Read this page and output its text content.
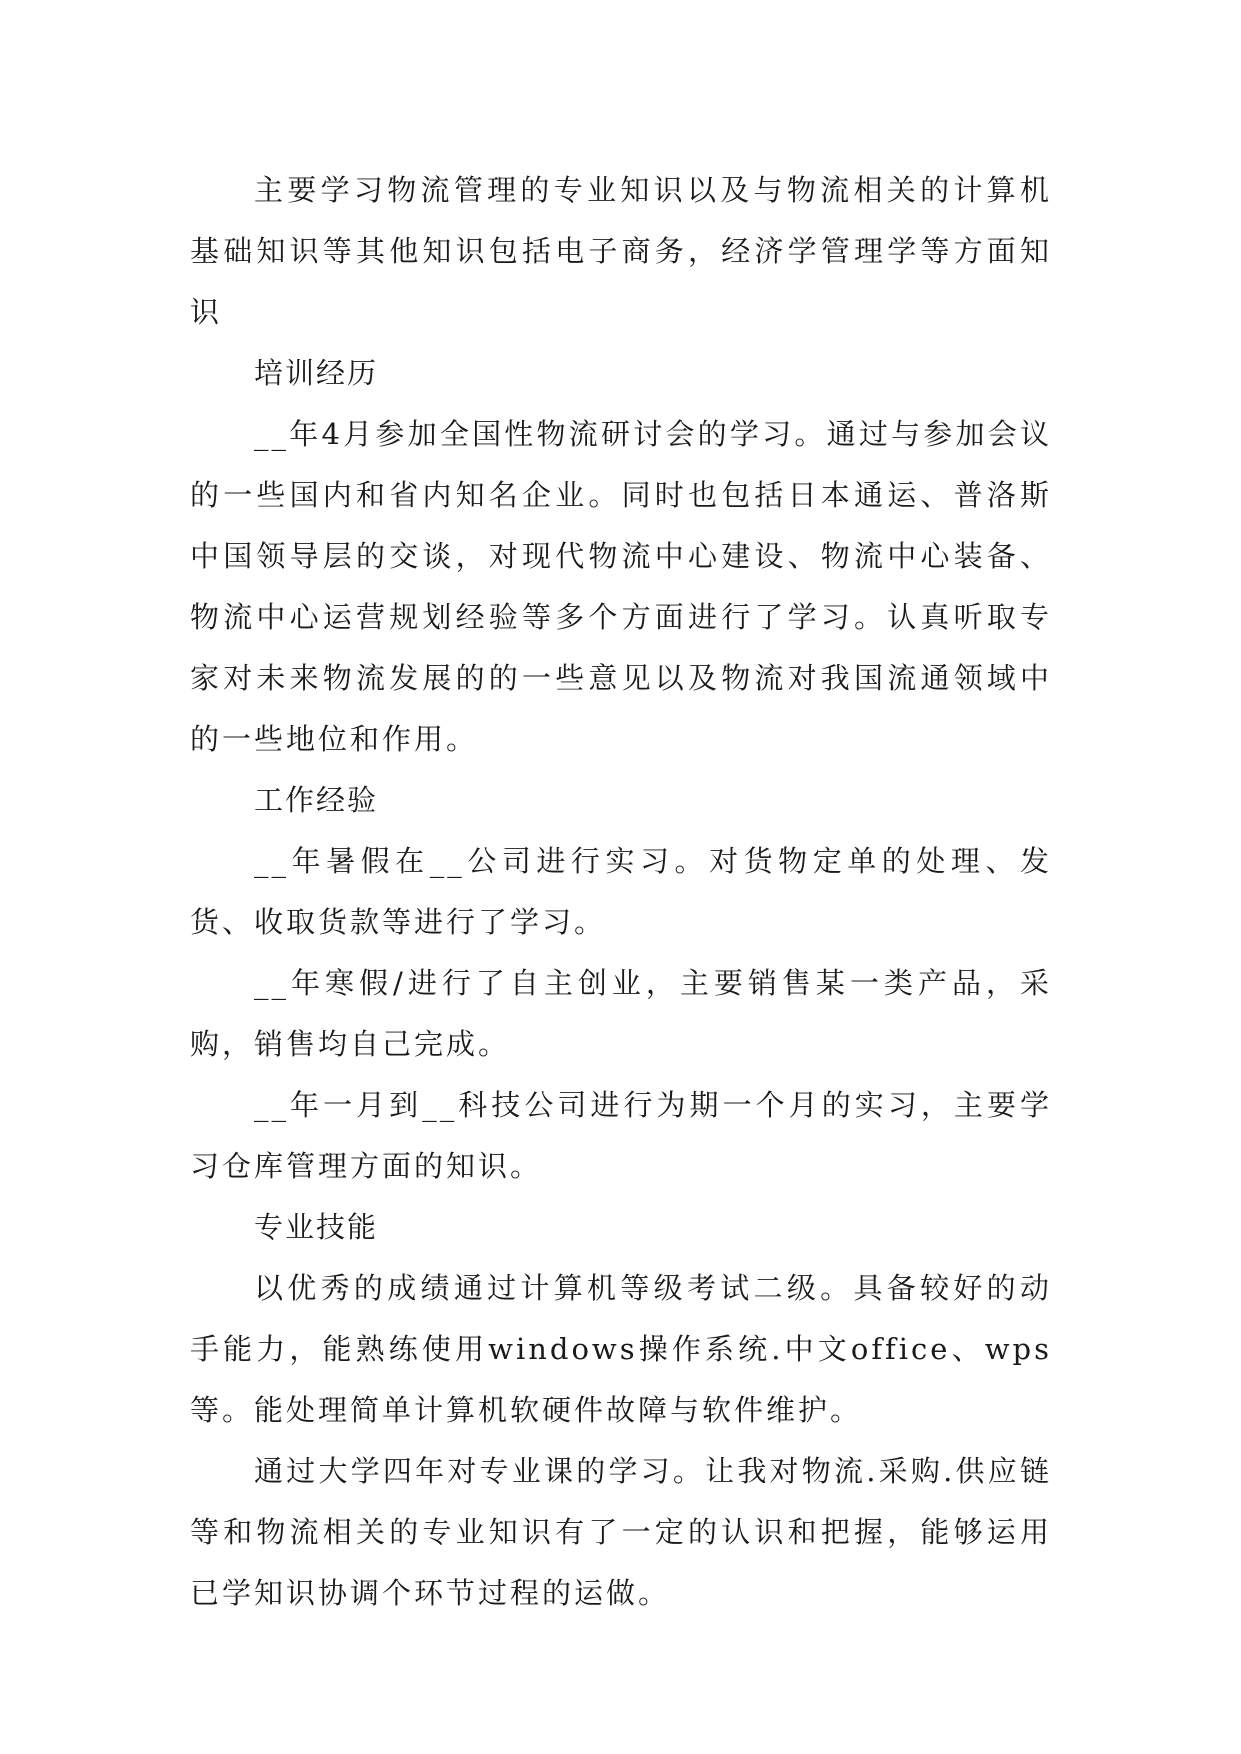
主要学习物流管理的专业知识以及与物流相关的计算机基础知识等其他知识包括电子商务，经济学管理学等方面知识

培训经历

__年4月参加全国性物流研讨会的学习。通过与参加会议的一些国内和省内知名企业。同时也包括日本通运、普洛斯中国领导层的交谈，对现代物流中心建设、物流中心装备、物流中心运营规划经验等多个方面进行了学习。认真听取专家对未来物流发展的的一些意见以及物流对我国流通领域中的一些地位和作用。

工作经验

__年暑假在__公司进行实习。对货物定单的处理、发货、收取货款等进行了学习。

__年寒假/进行了自主创业，主要销售某一类产品，采购，销售均自己完成。

__年一月到__科技公司进行为期一个月的实习，主要学习仓库管理方面的知识。

专业技能

以优秀的成绩通过计算机等级考试二级。具备较好的动手能力，能熟练使用windows操作系统.中文office、wps等。能处理简单计算机软硬件故障与软件维护。

通过大学四年对专业课的学习。让我对物流.采购.供应链等和物流相关的专业知识有了一定的认识和把握，能够运用已学知识协调个环节过程的运做。
